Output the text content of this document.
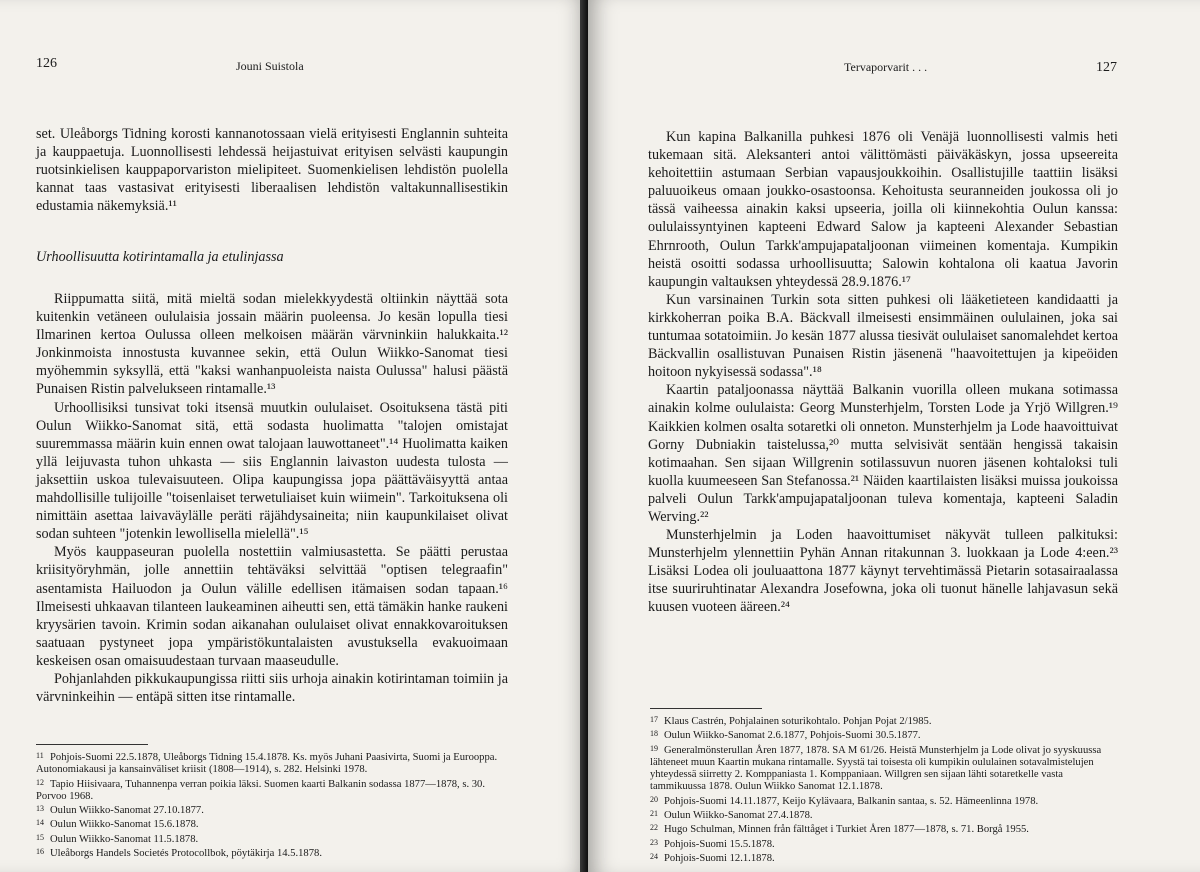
126	Jouni Suistola

set. Uleåborgs Tidning korosti kannanotossaan vielä erityisesti Englannin suhteita ja kauppaetuja. Luonnollisesti lehdessä heijastuivat erityisen selvästi kaupungin ruotsinkielisen kauppaporvariston mielipiteet. Suomenkielisen lehdistön puolella kannat taas vastasivat erityisesti liberaalisen lehdistön valtakunnallisestikin edustamia näkemyksiä.¹¹

Urhoollisuutta kotirintamalla ja etulinjassa

Riippumatta siitä, mitä mieltä sodan mielekkyydestä oltiinkin näyttää sota kuitenkin vetäneen oululaisia jossain määrin puoleensa. Jo kesän lopulla tiesi Ilmarinen kertoa Oulussa olleen melkoisen määrän värvninkiin halukkaita.¹² Jonkinmoista innostusta kuvannee sekin, että Oulun Wiikko-Sanomat tiesi myöhemmin syksyllä, että "kaksi wanhanpuoleista naista Oulussa" halusi päästä Punaisen Ristin palvelukseen rintamalle.¹³

Urhoollisiksi tunsivat toki itsensä muutkin oululaiset. Osoituksena tästä piti Oulun Wiikko-Sanomat sitä, että sodasta huolimatta "talojen omistajat suuremmassa määrin kuin ennen owat talojaan lauwottaneet".¹⁴ Huolimatta kaiken yllä leijuvasta tuhon uhkasta — siis Englannin laivaston uudesta tulosta — jaksettiin uskoa tulevaisuuteen. Olipa kaupungissa jopa päättäväisyyttä antaa mahdollisille tulijoille "toisenlaiset terwetuliaiset kuin wiimein". Tarkoituksena oli nimittäin asettaa laivaväylälle peräti räjähdysaineita; niin kaupunkilaiset olivat sodan suhteen "jotenkin lewollisella mielellä".¹⁵

Myös kauppaseuran puolella nostettiin valmiusastetta. Se päätti perustaa kriisityöryhmän, jolle annettiin tehtäväksi selvittää "optisen telegraafin" asentamista Hailuodon ja Oulun välille edellisen itämaisen sodan tapaan.¹⁶ Ilmeisesti uhkaavan tilanteen laukeaminen aiheutti sen, että tämäkin hanke raukeni kryysärien tavoin. Krimin sodan aikanahan oululaiset olivat ennakkovaroituksen saatuaan pystyneet jopa ympäristökuntalaisten avustuksella evakuoimaan keskeisen osan omaisuudestaan turvaan maaseudulle.

Pohjanlahden pikkukaupungissa riitti siis urhoja ainakin kotirintaman toimiin ja värvninkeihin — entäpä sitten itse rintamalle.

11 Pohjois-Suomi 22.5.1878, Uleåborgs Tidning 15.4.1878. Ks. myös Juhani Paasivirta, Suomi ja Eurooppa. Autonomiakausi ja kansainväliset kriisit (1808—1914), s. 282. Helsinki 1978.
12 Tapio Hiisivaara, Tuhannenpa verran poikia läksi. Suomen kaarti Balkanin sodassa 1877—1878, s. 30. Porvoo 1968.
13 Oulun Wiikko-Sanomat 27.10.1877.
14 Oulun Wiikko-Sanomat 15.6.1878.
15 Oulun Wiikko-Sanomat 11.5.1878.
16 Uleåborgs Handels Societés Protocollbok, pöytäkirja 14.5.1878.
Tervaporvarit . . .	127

Kun kapina Balkanilla puhkesi 1876 oli Venäjä luonnollisesti valmis heti tukemaan sitä. Aleksanteri antoi välittömästi päiväkäskyn, jossa upseereita kehoitettiin astumaan Serbian vapausjoukkoihin. Osallistujille taattiin lisäksi paluuoikeus omaan joukko-osastoonsa. Kehoitusta seuranneiden joukossa oli jo tässä vaiheessa ainakin kaksi upseeria, joilla oli kiinnekohtia Oulun kanssa: oululaissyntyinen kapteeni Edward Salow ja kapteeni Alexander Sebastian Ehrnrooth, Oulun Tarkk'ampujapataljoonan viimeinen komentaja. Kumpikin heistä osoitti sodassa urhoollisuutta; Salowin kohtalona oli kaatua Javorin kaupungin valtauksen yhteydessä 28.9.1876.¹⁷

Kun varsinainen Turkin sota sitten puhkesi oli lääketieteen kandidaatti ja kirkkoherran poika B.A. Bäckvall ilmeisesti ensimmäinen oululainen, joka sai tuntumaa sotatoimiin. Jo kesän 1877 alussa tiesivät oululaiset sanomalehdet kertoa Bäckvallin osallistuvan Punaisen Ristin jäsenenä "haavoitettujen ja kipeöiden hoitoon nykyisessä sodassa".¹⁸

Kaartin pataljoonassa näyttää Balkanin vuorilla olleen mukana sotimassa ainakin kolme oululaista: Georg Munsterhjelm, Torsten Lode ja Yrjö Willgren.¹⁹ Kaikkien kolmen osalta sotaretki oli onneton. Munsterhjelm ja Lode haavoittuivat Gorny Dubniakin taistelussa,²⁰ mutta selvisivät sentään hengissä takaisin kotimaahan. Sen sijaan Willgrenin sotilassuvun nuoren jäsenen kohtaloksi tuli kuolla kuumeeseen San Stefanossa.²¹ Näiden kaartilaisten lisäksi muissa joukoissa palveli Oulun Tarkk'ampujapataljoonan tuleva komentaja, kapteeni Saladin Werving.²²

Munsterhjelmin ja Loden haavoittumiset näkyvät tulleen palkituksi: Munsterhjelm ylennettiin Pyhän Annan ritakunnan 3. luokkaan ja Lode 4:een.²³ Lisäksi Lodea oli jouluaattona 1877 käynyt tervehtimässä Pietarin sotasairaalassa itse suuriruhtinatar Alexandra Josefowna, joka oli tuonut hänelle lahjavasun sekä kuusen vuoteen ääreen.²⁴

17 Klaus Castrén, Pohjalainen soturikohtalo. Pohjan Pojat 2/1985.
18 Oulun Wiikko-Sanomat 2.6.1877, Pohjois-Suomi 30.5.1877.
19 Generalmönsterullan Åren 1877, 1878. SA M 61/26. Heistä Munsterhjelm ja Lode olivat jo syyskuussa lähteneet muun Kaartin mukana rintamalle. Syystä tai toisesta oli kumpikin oululainen sotavalmistelujen yhteydessä siirretty 2. Komppaniasta 1. Komppaniaan. Willgren sen sijaan lähti sotaretkelle vasta tammikuussa 1878. Oulun Wiikko Sanomat 12.1.1878.
20 Pohjois-Suomi 14.11.1877, Keijo Kylävaara, Balkanin santaa, s. 52. Hämeenlinna 1978.
21 Oulun Wiikko-Sanomat 27.4.1878.
22 Hugo Schulman, Minnen från fälttåget i Turkiet Åren 1877—1878, s. 71. Borgå 1955.
23 Pohjois-Suomi 15.5.1878.
24 Pohjois-Suomi 12.1.1878.
